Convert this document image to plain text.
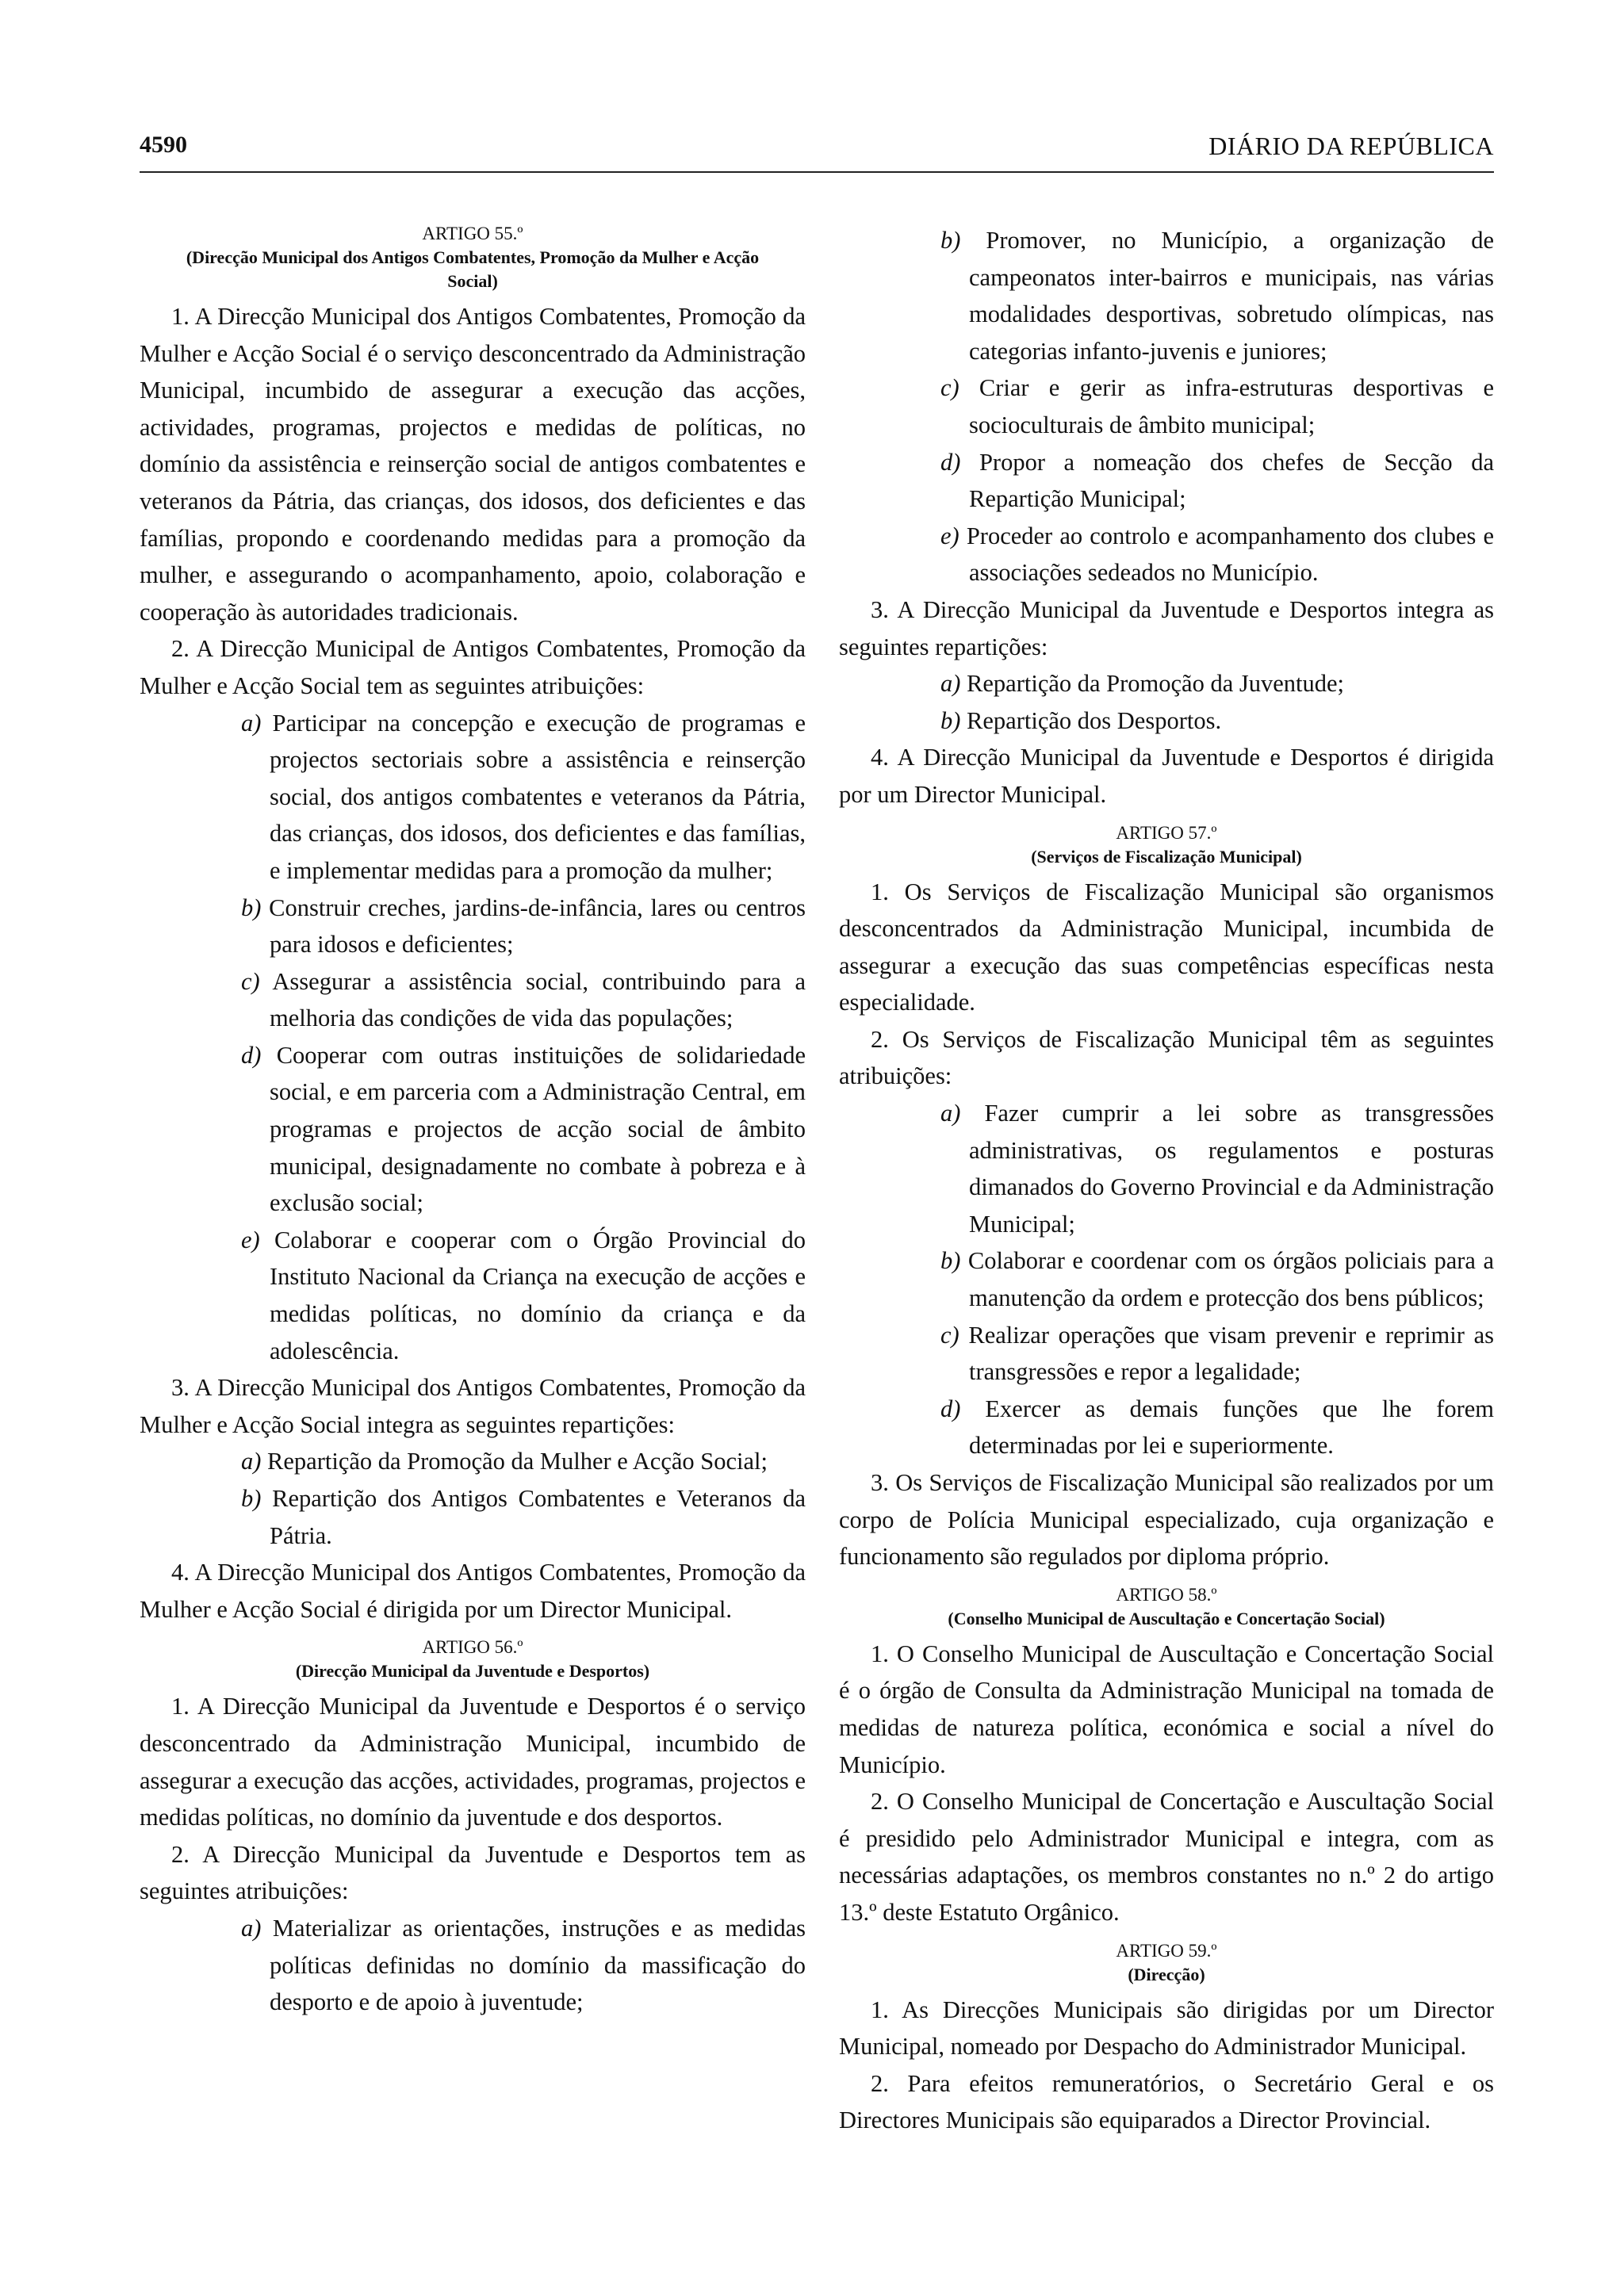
4590	DIÁRIO DA REPÚBLICA

ARTIGO 55.º

(Direcção Municipal dos Antigos Combatentes, Promoção da Mulher e Acção Social)

1. A Direcção Municipal dos Antigos Combatentes, Promoção da Mulher e Acção Social é o serviço desconcentrado da Administração Municipal, incumbido de assegurar a execução das acções, actividades, programas, projectos e medidas de políticas, no domínio da assistência e reinserção social de antigos combatentes e veteranos da Pátria, das crianças, dos idosos, dos deficientes e das famílias, propondo e coordenando medidas para a promoção da mulher, e assegurando o acompanhamento, apoio, colaboração e cooperação às autoridades tradicionais.

2. A Direcção Municipal de Antigos Combatentes, Promoção da Mulher e Acção Social tem as seguintes atribuições:

a) Participar na concepção e execução de programas e projectos sectoriais sobre a assistência e reinserção social, dos antigos combatentes e veteranos da Pátria, das crianças, dos idosos, dos deficientes e das famílias, e implementar medidas para a promoção da mulher;

b) Construir creches, jardins-de-infância, lares ou centros para idosos e deficientes;

c) Assegurar a assistência social, contribuindo para a melhoria das condições de vida das populações;

d) Cooperar com outras instituições de solidariedade social, e em parceria com a Administração Central, em programas e projectos de acção social de âmbito municipal, designadamente no combate à pobreza e à exclusão social;

e) Colaborar e cooperar com o Órgão Provincial do Instituto Nacional da Criança na execução de acções e medidas políticas, no domínio da criança e da adolescência.

3. A Direcção Municipal dos Antigos Combatentes, Promoção da Mulher e Acção Social integra as seguintes repartições:

a) Repartição da Promoção da Mulher e Acção Social;

b) Repartição dos Antigos Combatentes e Veteranos da Pátria.

4. A Direcção Municipal dos Antigos Combatentes, Promoção da Mulher e Acção Social é dirigida por um Director Municipal.

ARTIGO 56.º

(Direcção Municipal da Juventude e Desportos)

1. A Direcção Municipal da Juventude e Desportos é o serviço desconcentrado da Administração Municipal, incumbido de assegurar a execução das acções, actividades, programas, projectos e medidas políticas, no domínio da juventude e dos desportos.

2. A Direcção Municipal da Juventude e Desportos tem as seguintes atribuições:

a) Materializar as orientações, instruções e as medidas políticas definidas no domínio da massificação do desporto e de apoio à juventude;

b) Promover, no Município, a organização de campeonatos inter-bairros e municipais, nas várias modalidades desportivas, sobretudo olímpicas, nas categorias infanto-juvenis e juniores;

c) Criar e gerir as infra-estruturas desportivas e socioculturais de âmbito municipal;

d) Propor a nomeação dos chefes de Secção da Repartição Municipal;

e) Proceder ao controlo e acompanhamento dos clubes e associações sedeados no Município.

3. A Direcção Municipal da Juventude e Desportos integra as seguintes repartições:

a) Repartição da Promoção da Juventude;

b) Repartição dos Desportos.

4. A Direcção Municipal da Juventude e Desportos é dirigida por um Director Municipal.

ARTIGO 57.º

(Serviços de Fiscalização Municipal)

1. Os Serviços de Fiscalização Municipal são organismos desconcentrados da Administração Municipal, incumbida de assegurar a execução das suas competências específicas nesta especialidade.

2. Os Serviços de Fiscalização Municipal têm as seguintes atribuições:

a) Fazer cumprir a lei sobre as transgressões administrativas, os regulamentos e posturas dimanados do Governo Provincial e da Administração Municipal;

b) Colaborar e coordenar com os órgãos policiais para a manutenção da ordem e protecção dos bens públicos;

c) Realizar operações que visam prevenir e reprimir as transgressões e repor a legalidade;

d) Exercer as demais funções que lhe forem determinadas por lei e superiormente.

3. Os Serviços de Fiscalização Municipal são realizados por um corpo de Polícia Municipal especializado, cuja organização e funcionamento são regulados por diploma próprio.

ARTIGO 58.º

(Conselho Municipal de Auscultação e Concertação Social)

1. O Conselho Municipal de Auscultação e Concertação Social é o órgão de Consulta da Administração Municipal na tomada de medidas de natureza política, económica e social a nível do Município.

2. O Conselho Municipal de Concertação e Auscultação Social é presidido pelo Administrador Municipal e integra, com as necessárias adaptações, os membros constantes no n.º 2 do artigo 13.º deste Estatuto Orgânico.

ARTIGO 59.º

(Direcção)

1. As Direcções Municipais são dirigidas por um Director Municipal, nomeado por Despacho do Administrador Municipal.

2. Para efeitos remuneratórios, o Secretário Geral e os Directores Municipais são equiparados a Director Provincial.
